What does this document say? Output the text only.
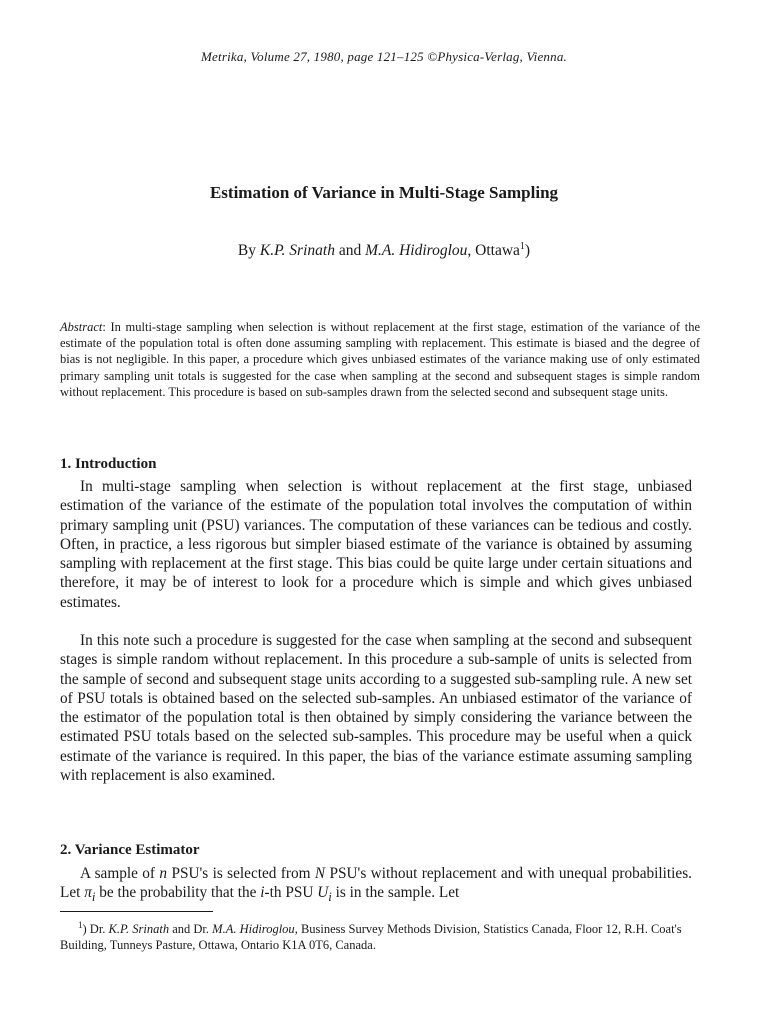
Metrika, Volume 27, 1980, page 121–125 ©Physica-Verlag, Vienna.
Estimation of Variance in Multi-Stage Sampling
By K.P. Srinath and M.A. Hidiroglou, Ottawa$^1$)
Abstract: In multi-stage sampling when selection is without replacement at the first stage, estimation of the variance of the estimate of the population total is often done assuming sampling with replacement. This estimate is biased and the degree of bias is not negligible. In this paper, a procedure which gives unbiased estimates of the variance making use of only estimated primary sampling unit totals is suggested for the case when sampling at the second and subsequent stages is simple random without replacement. This procedure is based on sub-samples drawn from the selected second and subsequent stage units.
1. Introduction
In multi-stage sampling when selection is without replacement at the first stage, unbiased estimation of the variance of the estimate of the population total involves the computation of within primary sampling unit (PSU) variances. The computation of these variances can be tedious and costly. Often, in practice, a less rigorous but simpler biased estimate of the variance is obtained by assuming sampling with replacement at the first stage. This bias could be quite large under certain situations and therefore, it may be of interest to look for a procedure which is simple and which gives unbiased estimates.
In this note such a procedure is suggested for the case when sampling at the second and subsequent stages is simple random without replacement. In this procedure a sub-sample of units is selected from the sample of second and subsequent stage units according to a suggested sub-sampling rule. A new set of PSU totals is obtained based on the selected sub-samples. An unbiased estimator of the variance of the estimator of the population total is then obtained by simply considering the variance between the estimated PSU totals based on the selected sub-samples. This procedure may be useful when a quick estimate of the variance is required. In this paper, the bias of the variance estimate assuming sampling with replacement is also examined.
2. Variance Estimator
A sample of n PSU's is selected from N PSU's without replacement and with unequal probabilities. Let $\pi_i$ be the probability that the i-th PSU $U_i$ is in the sample. Let
$^1$) Dr. K.P. Srinath and Dr. M.A. Hidiroglou, Business Survey Methods Division, Statistics Canada, Floor 12, R.H. Coat's Building, Tunneys Pasture, Ottawa, Ontario K1A 0T6, Canada.
